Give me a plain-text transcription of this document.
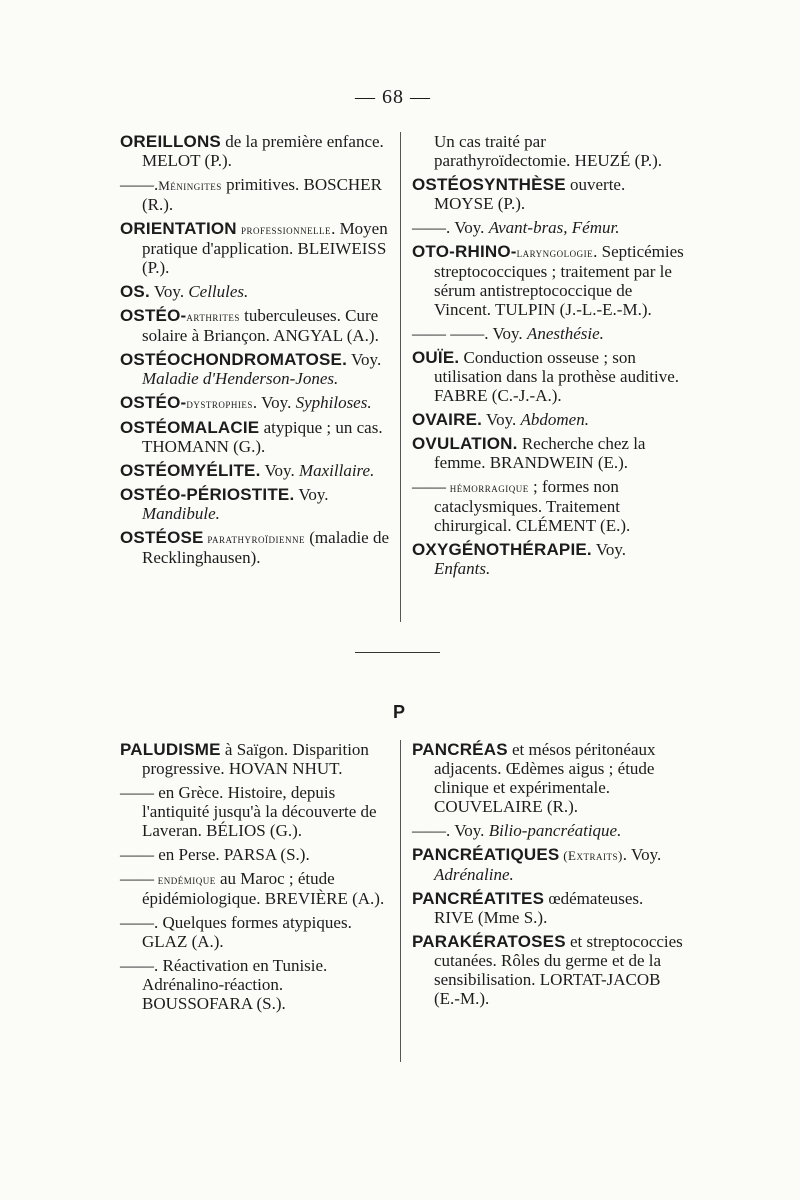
— 68 —
OREILLONS de la première enfance. MELOT (P.).
——.Méningites primitives. BOSCHER (R.).
ORIENTATION professionnelle. Moyen pratique d'application. BLEIWEISS (P.).
OS. Voy. Cellules.
OSTÉO-arthrites tuberculeuses. Cure solaire à Briançon. ANGYAL (A.).
OSTÉOCHONDROMATOSE. Voy. Maladie d'Henderson-Jones.
OSTÉO-dystrophies. Voy. Syphiloses.
OSTÉOMALACIE atypique ; un cas. THOMANN (G.).
OSTÉOMYÉLITE. Voy. Maxillaire.
OSTÉO-PÉRIOSTITE. Voy. Mandibule.
OSTÉOSE parathyroïdienne (maladie de Recklinghausen).
Un cas traité par parathyroïdectomie. HEUZÉ (P.).
OSTÉOSYNTHÈSE ouverte. MOYSE (P.).
——. Voy. Avant-bras, Fémur.
OTO-RHINO-laryngologie. Septicémies streptococciques ; traitement par le sérum antistreptococcique de Vincent. TULPIN (J.-L.-E.-M.).
—— ——. Voy. Anesthésie.
OUÏE. Conduction osseuse ; son utilisation dans la prothèse auditive. FABRE (C.-J.-A.).
OVAIRE. Voy. Abdomen.
OVULATION. Recherche chez la femme. BRANDWEIN (E.).
—— hémorragique ; formes non cataclysmiques. Traitement chirurgical. CLÉMENT (E.).
OXYGÉNOTHÉRAPIE. Voy. Enfants.
P
PALUDISME à Saïgon. Disparition progressive. HOVAN NHUT.
—— en Grèce. Histoire, depuis l'antiquité jusqu'à la découverte de Laveran. BÉLIOS (G.).
—— en Perse. PARSA (S.).
—— endémique au Maroc ; étude épidémiologique. BREVIÈRE (A.).
——. Quelques formes atypiques. GLAZ (A.).
——. Réactivation en Tunisie. Adrénalino-réaction. BOUSSOFARA (S.).
PANCRÉAS et mésos péritonéaux adjacents. Œdèmes aigus ; étude clinique et expérimentale. COUVELAIRE (R.).
——. Voy. Bilio-pancréatique.
PANCRÉATIQUES (Extraits). Voy. Adrénaline.
PANCRÉATITES œdémateuses. RIVE (Mme S.).
PARAKÉRATOSES et streptococcies cutanées. Rôles du germe et de la sensibilisation. LORTAT-JACOB (E.-M.).
